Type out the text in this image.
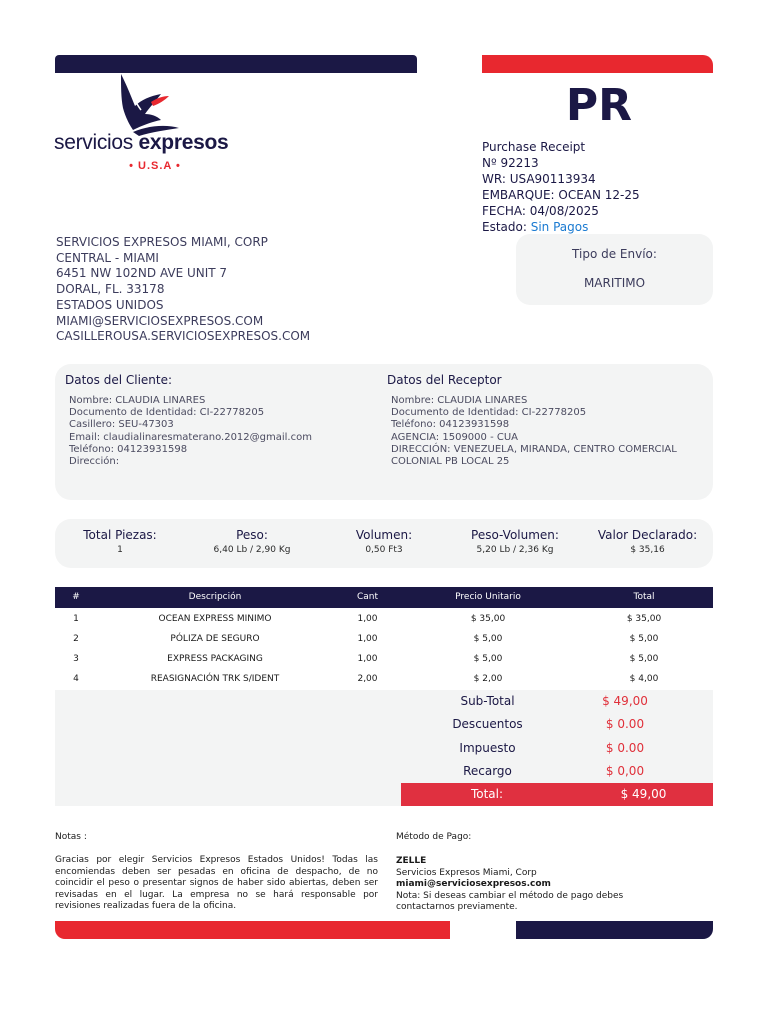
servicios expresos
• U.S.A •
PR
Purchase Receipt
Nº 92213
WR: USA90113934
EMBARQUE: OCEAN 12-25
FECHA: 04/08/2025
Estado: Sin Pagos
SERVICIOS EXPRESOS MIAMI, CORP
CENTRAL - MIAMI
6451 NW 102ND AVE UNIT 7
DORAL, FL. 33178
ESTADOS UNIDOS
MIAMI@SERVICIOSEXPRESOS.COM
CASILLEROUSA.SERVICIOSEXPRESOS.COM
Tipo de Envío:
MARITIMO
Datos del Cliente:
Nombre: CLAUDIA LINARES
Documento de Identidad: CI-22778205
Casillero: SEU-47303
Email: claudialinaresmaterano.2012@gmail.com
Teléfono: 04123931598
Dirección:
Datos del Receptor
Nombre: CLAUDIA LINARES
Documento de Identidad: CI-22778205
Teléfono: 04123931598
AGENCIA: 1509000 - CUA
DIRECCIÓN: VENEZUELA, MIRANDA, CENTRO COMERCIAL
COLONIAL PB LOCAL 25
Total Piezas:
1
Peso:
6,40 Lb / 2,90 Kg
Volumen:
0,50 Ft3
Peso-Volumen:
5,20 Lb / 2,36 Kg
Valor Declarado:
$ 35,16
#	Descripción	Cant	Precio Unitario	Total
1	OCEAN EXPRESS MINIMO	1,00	$ 35,00	$ 35,00
2	PÓLIZA DE SEGURO	1,00	$ 5,00	$ 5,00
3	EXPRESS PACKAGING	1,00	$ 5,00	$ 5,00
4	REASIGNACIÓN TRK S/IDENT	2,00	$ 2,00	$ 4,00
Sub-Total	$ 49,00
Descuentos	$ 0.00
Impuesto	$ 0.00
Recargo	$ 0,00
Total:	$ 49,00
Notas :
Gracias por elegir Servicios Expresos Estados Unidos! Todas las encomiendas deben ser pesadas en oficina de despacho, de no coincidir el peso o presentar signos de haber sido abiertas, deben ser revisadas en el lugar. La empresa no se hará responsable por revisiones realizadas fuera de la oficina.
Método de Pago:
ZELLE
Servicios Expresos Miami, Corp
miami@serviciosexpresos.com
Nota: Si deseas cambiar el método de pago debes contactarnos previamente.
